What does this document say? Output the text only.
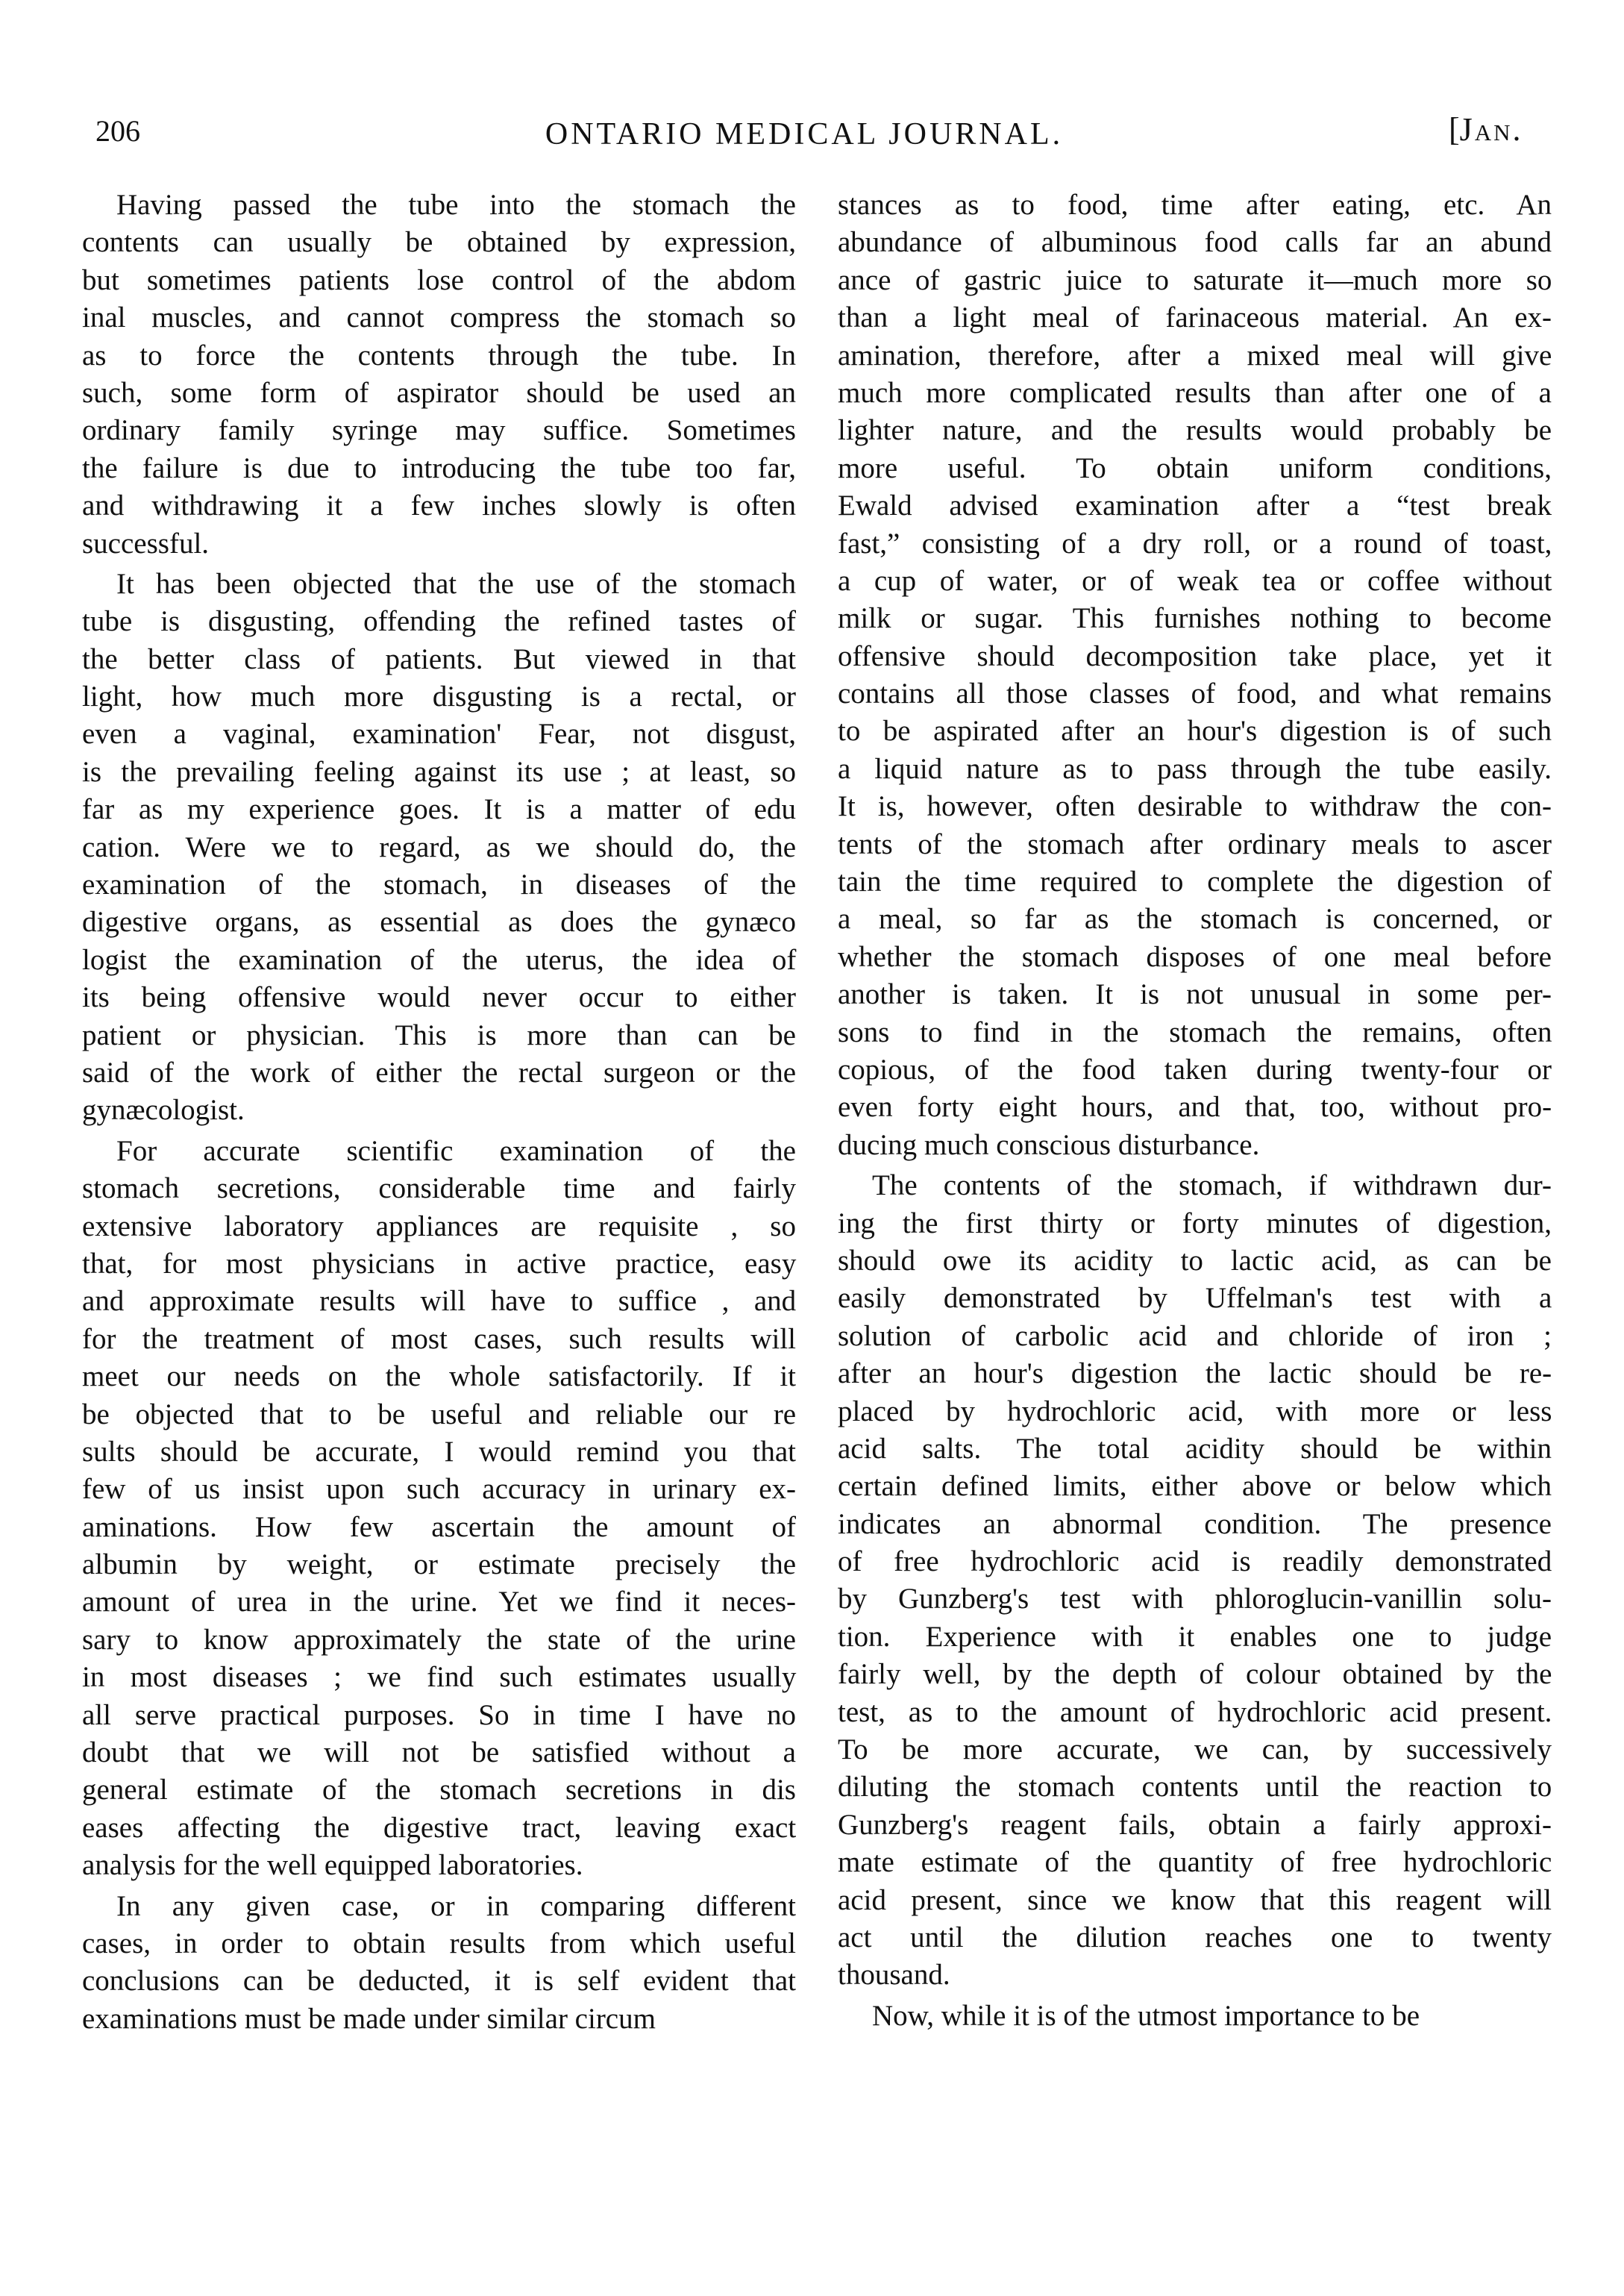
206	ONTARIO MEDICAL JOURNAL.	[Jan.
Having passed the tube into the stomach the
contents can usually be obtained by expression,
but sometimes patients lose control of the abdom
inal muscles, and cannot compress the stomach so
as to force the contents through the tube. In
such, some form of aspirator should be used an
ordinary family syringe may suffice. Sometimes
the failure is due to introducing the tube too far,
and withdrawing it a few inches slowly is often
successful.
It has been objected that the use of the stomach
tube is disgusting, offending the refined tastes of
the better class of patients. But viewed in that
light, how much more disgusting is a rectal, or
even a vaginal, examination' Fear, not disgust,
is the prevailing feeling against its use ; at least, so
far as my experience goes. It is a matter of edu
cation. Were we to regard, as we should do, the
examination of the stomach, in diseases of the
digestive organs, as essential as does the gynæco
logist the examination of the uterus, the idea of
its being offensive would never occur to either
patient or physician. This is more than can be
said of the work of either the rectal surgeon or the
gynæcologist.
For accurate scientific examination of the
stomach secretions, considerable time and fairly
extensive laboratory appliances are requisite , so
that, for most physicians in active practice, easy
and approximate results will have to suffice , and
for the treatment of most cases, such results will
meet our needs on the whole satisfactorily. If it
be objected that to be useful and reliable our re
sults should be accurate, I would remind you that
few of us insist upon such accuracy in urinary ex-
aminations. How few ascertain the amount of
albumin by weight, or estimate precisely the
amount of urea in the urine. Yet we find it neces-
sary to know approximately the state of the urine
in most diseases ; we find such estimates usually
all serve practical purposes. So in time I have no
doubt that we will not be satisfied without a
general estimate of the stomach secretions in dis
eases affecting the digestive tract, leaving exact
analysis for the well equipped laboratories.
In any given case, or in comparing different
cases, in order to obtain results from which useful
conclusions can be deducted, it is self evident that
examinations must be made under similar circum
stances as to food, time after eating, etc. An
abundance of albuminous food calls far an abund
ance of gastric juice to saturate it—much more so
than a light meal of farinaceous material. An ex-
amination, therefore, after a mixed meal will give
much more complicated results than after one of a
lighter nature, and the results would probably be
more useful. To obtain uniform conditions,
Ewald advised examination after a “test break
fast,” consisting of a dry roll, or a round of toast,
a cup of water, or of weak tea or coffee without
milk or sugar. This furnishes nothing to become
offensive should decomposition take place, yet it
contains all those classes of food, and what remains
to be aspirated after an hour's digestion is of such
a liquid nature as to pass through the tube easily.
It is, however, often desirable to withdraw the con-
tents of the stomach after ordinary meals to ascer
tain the time required to complete the digestion of
a meal, so far as the stomach is concerned, or
whether the stomach disposes of one meal before
another is taken. It is not unusual in some per-
sons to find in the stomach the remains, often
copious, of the food taken during twenty-four or
even forty eight hours, and that, too, without pro-
ducing much conscious disturbance.
The contents of the stomach, if withdrawn dur-
ing the first thirty or forty minutes of digestion,
should owe its acidity to lactic acid, as can be
easily demonstrated by Uffelman's test with a
solution of carbolic acid and chloride of iron ;
after an hour's digestion the lactic should be re-
placed by hydrochloric acid, with more or less
acid salts. The total acidity should be within
certain defined limits, either above or below which
indicates an abnormal condition. The presence
of free hydrochloric acid is readily demonstrated
by Gunzberg's test with phloroglucin-vanillin solu-
tion. Experience with it enables one to judge
fairly well, by the depth of colour obtained by the
test, as to the amount of hydrochloric acid present.
To be more accurate, we can, by successively
diluting the stomach contents until the reaction to
Gunzberg's reagent fails, obtain a fairly approxi-
mate estimate of the quantity of free hydrochloric
acid present, since we know that this reagent will
act until the dilution reaches one to twenty
thousand.
Now, while it is of the utmost importance to be
